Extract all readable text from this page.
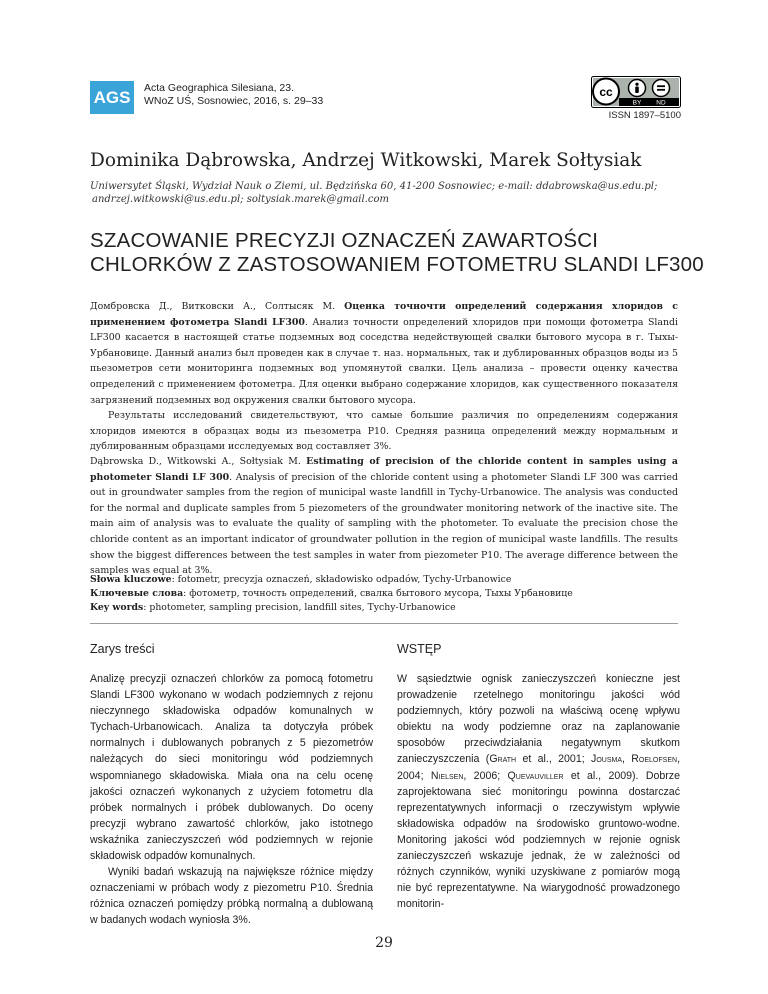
AGS	Acta Geographica Silesiana, 23.
WNoZ UŚ, Sosnowiec, 2016, s. 29–33
cc
BY ND
ISSN 1897–5100
Dominika Dąbrowska, Andrzej Witkowski, Marek Sołtysiak
Uniwersytet Śląski, Wydział Nauk o Ziemi, ul. Będzińska 60, 41-200 Sosnowiec; e-mail: ddabrowska@us.edu.pl;
andrzej.witkowski@us.edu.pl; soltysiak.marek@gmail.com
SZACOWANIE PRECYZJI OZNACZEŃ ZAWARTOŚCI
CHLORKÓW Z ZASTOSOWANIEM FOTOMETRU SLANDI LF300
Домбровска Д., Витковски А., Солтысяк М. Оценка точночти определений содержания хлоридов с применением фотометра Slandi LF300. Анализ точности определений хлоридов при помощи фотометра Slandi LF300 касается в настоящей статье подземных вод соседства недействующей свалки бытового мусора в г. Тыхы-Урбановице. Данный анализ был проведен как в случае т. наз. нормальных, так и дублированных образцов воды из 5 пьезометров сети мониторинга подземных вод упомянутой свалки. Цель анализа – провести оценку качества определений с применением фотометра. Для оценки выбрано содержание хлоридов, как существенного показателя загрязнений подземных вод окружения свалки бытового мусора.
Результаты исследований свидетельствуют, что самые большие различия по определениям содержания хлоридов имеются в образцах воды из пьезометра P10. Средняя разница определений между нормальным и дублированным образцами исследуемых вод составляет 3%.
Dąbrowska D., Witkowski A., Sołtysiak M. Estimating of precision of the chloride content in samples using a photometer Slandi LF 300. Analysis of precision of the chloride content using a photometer Slandi LF 300 was carried out in groundwater samples from the region of municipal waste landfill in Tychy-Urbanowice. The analysis was conducted for the normal and duplicate samples from 5 piezometers of the groundwater monitoring network of the inactive site. The main aim of analysis was to evaluate the quality of sampling with the photometer. To evaluate the precision chose the chloride content as an important indicator of groundwater pollution in the region of municipal waste landfills. The results show the biggest differences between the test samples in water from piezometer P10. The average difference between the samples was equal at 3%.
Słowa kluczowe: fotometr, precyzja oznaczeń, składowisko odpadów, Tychy-Urbanowice
Ключевые слова: фотометр, точность определений, свалка бытового мусора, Тыхы Урбановице
Key words: photometer, sampling precision, landfill sites, Tychy-Urbanowice
Zarys treści	WSTĘP

Analizę precyzji oznaczeń chlorków za pomocą fotometru Slandi LF300 wykonano w wodach podziemnych z rejonu nieczynnego składowiska odpadów komunalnych w Tychach-Urbanowicach. Analiza ta dotyczyła próbek normalnych i dublowanych pobranych z 5 piezometrów należących do sieci monitoringu wód podziemnych wspomnianego składowiska. Miała ona na celu ocenę jakości oznaczeń wykonanych z użyciem fotometru dla próbek normalnych i próbek dublowanych. Do oceny precyzji wybrano zawartość chlorków, jako istotnego wskaźnika zanieczyszczeń wód podziemnych w rejonie składowisk odpadów komunalnych.

Wyniki badań wskazują na największe różnice między oznaczeniami w próbach wody z piezometru P10. Średnia różnica oznaczeń pomiędzy próbką normalną a dublowaną w badanych wodach wyniosła 3%.

W sąsiedztwie ognisk zanieczyszczeń konieczne jest prowadzenie rzetelnego monitoringu jakości wód podziemnych, który pozwoli na właściwą ocenę wpływu obiektu na wody podziemne oraz na zaplanowanie sposobów przeciwdziałania negatywnym skutkom zanieczyszczenia (Grath et al., 2001; Jousma, Roelofsen, 2004; Nielsen, 2006; Quevauviller et al., 2009). Dobrze zaprojektowana sieć monitoringu powinna dostarczać reprezentatywnych informacji o rzeczywistym wpływie składowiska odpadów na środowisko gruntowo-wodne. Monitoring jakości wód podziemnych w rejonie ognisk zanieczyszczeń wskazuje jednak, że w zależności od różnych czynników, wyniki uzyskiwane z pomiarów mogą nie być reprezentatywne. Na wiarygodność prowadzonego monitorin-

29
